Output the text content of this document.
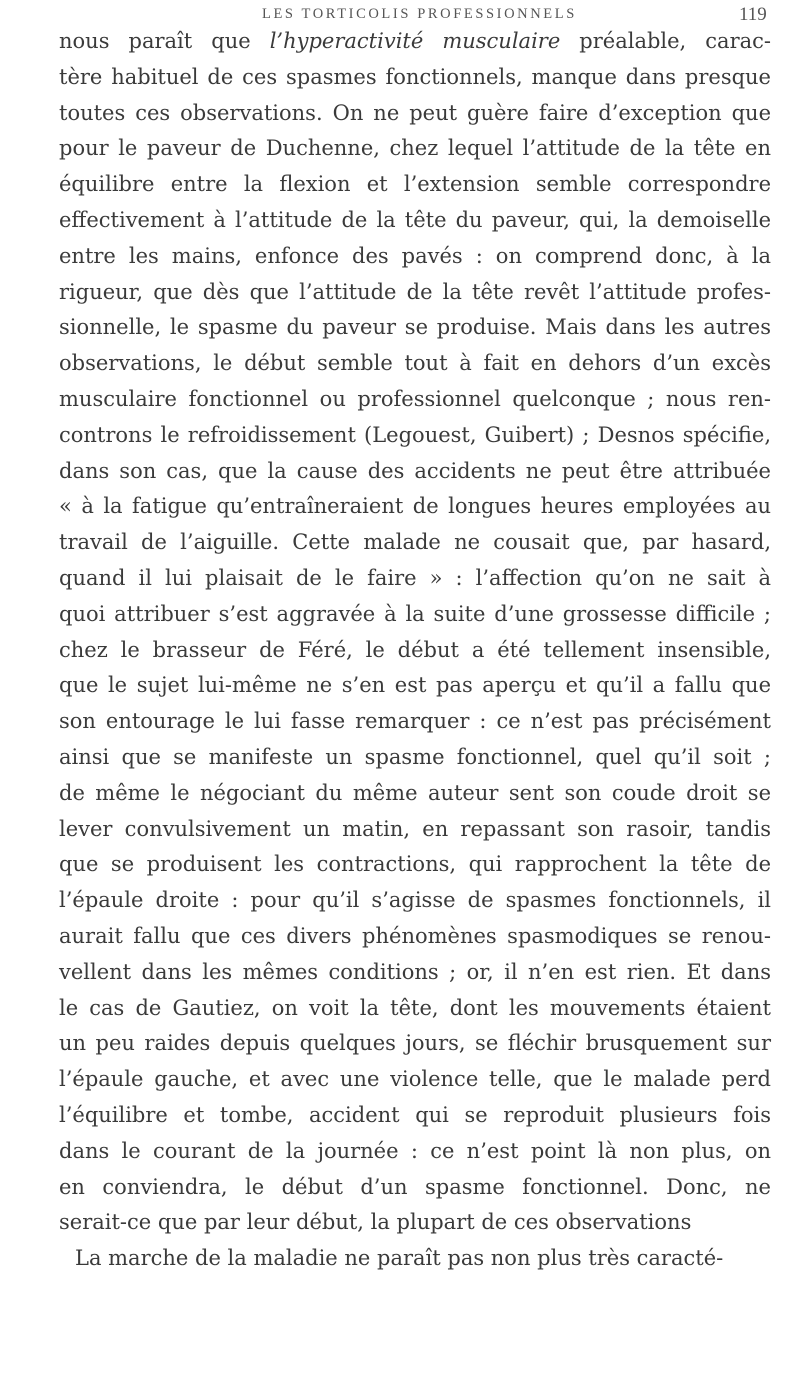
LES TORTICOLIS PROFESSIONNELS	119
nous paraît que l’hyperactivité musculaire préalable, carac-
tère habituel de ces spasmes fonctionnels, manque dans presque
toutes ces observations. On ne peut guère faire d’exception que
pour le paveur de Duchenne, chez lequel l’attitude de la tête en
équilibre entre la flexion et l’extension semble correspondre
effectivement à l’attitude de la tête du paveur, qui, la demoiselle
entre les mains, enfonce des pavés : on comprend donc, à la
rigueur, que dès que l’attitude de la tête revêt l’attitude profes-
sionnelle, le spasme du paveur se produise. Mais dans les autres
observations, le début semble tout à fait en dehors d’un excès
musculaire fonctionnel ou professionnel quelconque ; nous ren-
controns le refroidissement (Legouest, Guibert) ; Desnos spécifie,
dans son cas, que la cause des accidents ne peut être attribuée
« à la fatigue qu’entraîneraient de longues heures employées au
travail de l’aiguille. Cette malade ne cousait que, par hasard,
quand il lui plaisait de le faire » : l’affection qu’on ne sait à
quoi attribuer s’est aggravée à la suite d’une grossesse difficile ;
chez le brasseur de Féré, le début a été tellement insensible,
que le sujet lui-même ne s’en est pas aperçu et qu’il a fallu que
son entourage le lui fasse remarquer : ce n’est pas précisément
ainsi que se manifeste un spasme fonctionnel, quel qu’il soit ;
de même le négociant du même auteur sent son coude droit se
lever convulsivement un matin, en repassant son rasoir, tandis
que se produisent les contractions, qui rapprochent la tête de
l’épaule droite : pour qu’il s’agisse de spasmes fonctionnels, il
aurait fallu que ces divers phénomènes spasmodiques se renou-
vellent dans les mêmes conditions ; or, il n’en est rien. Et dans
le cas de Gautiez, on voit la tête, dont les mouvements étaient
un peu raides depuis quelques jours, se fléchir brusquement sur
l’épaule gauche, et avec une violence telle, que le malade perd
l’équilibre et tombe, accident qui se reproduit plusieurs fois
dans le courant de la journée : ce n’est point là non plus, on
en conviendra, le début d’un spasme fonctionnel. Donc, ne
serait-ce que par leur début, la plupart de ces observations
La marche de la maladie ne paraît pas non plus très caracté-
